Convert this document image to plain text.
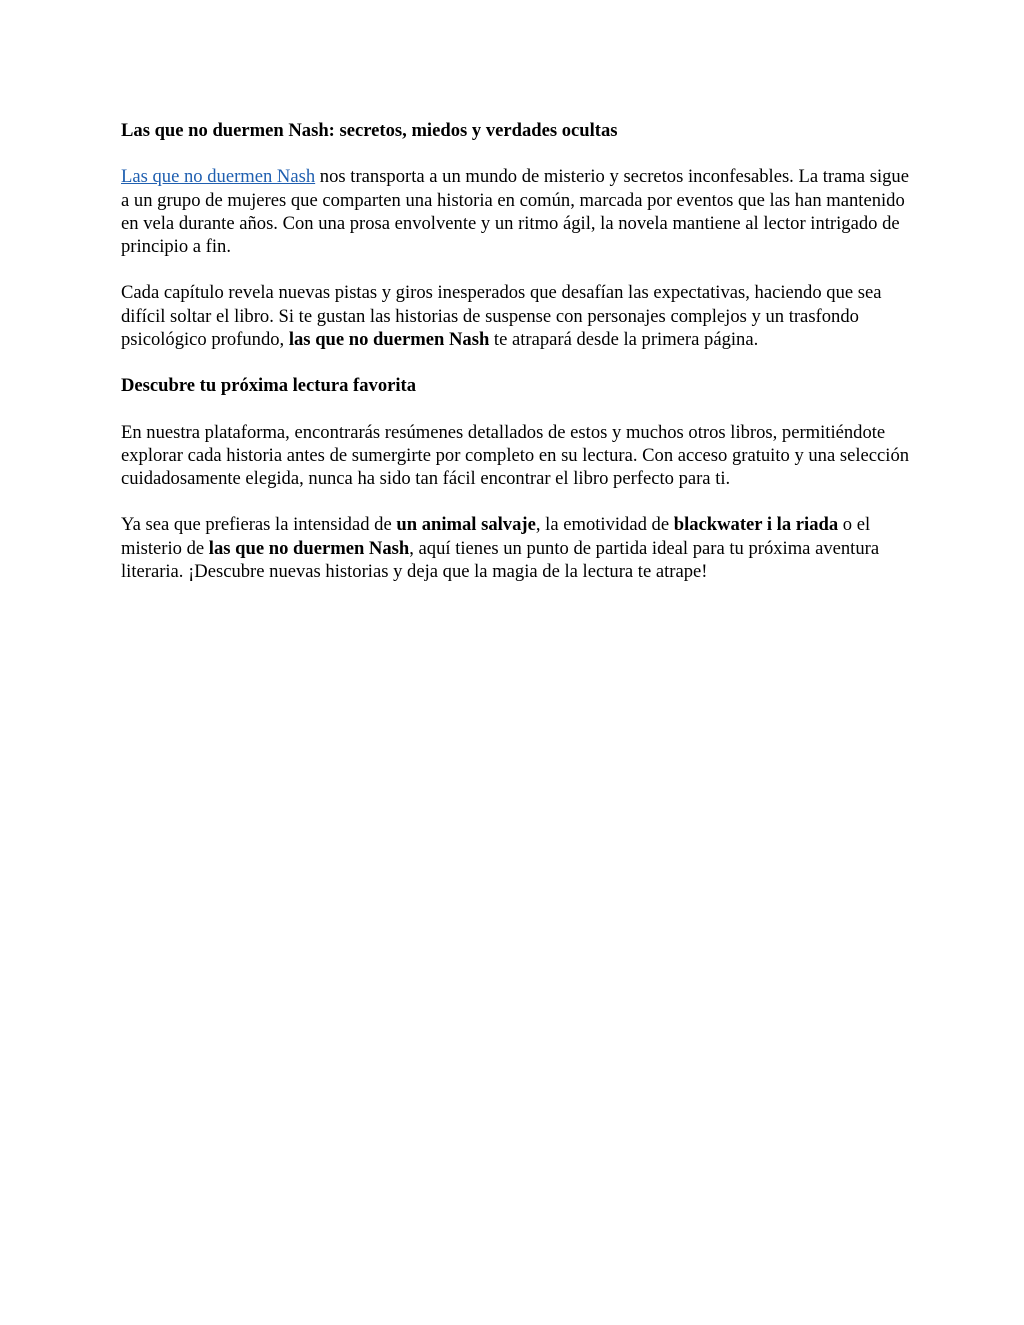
Las que no duermen Nash: secretos, miedos y verdades ocultas

Las que no duermen Nash nos transporta a un mundo de misterio y secretos inconfesables. La trama sigue a un grupo de mujeres que comparten una historia en común, marcada por eventos que las han mantenido en vela durante años. Con una prosa envolvente y un ritmo ágil, la novela mantiene al lector intrigado de principio a fin.

Cada capítulo revela nuevas pistas y giros inesperados que desafían las expectativas, haciendo que sea difícil soltar el libro. Si te gustan las historias de suspense con personajes complejos y un trasfondo psicológico profundo, las que no duermen Nash te atrapará desde la primera página.

Descubre tu próxima lectura favorita

En nuestra plataforma, encontrarás resúmenes detallados de estos y muchos otros libros, permitiéndote explorar cada historia antes de sumergirte por completo en su lectura. Con acceso gratuito y una selección cuidadosamente elegida, nunca ha sido tan fácil encontrar el libro perfecto para ti.

Ya sea que prefieras la intensidad de un animal salvaje, la emotividad de blackwater i la riada o el misterio de las que no duermen Nash, aquí tienes un punto de partida ideal para tu próxima aventura literaria. ¡Descubre nuevas historias y deja que la magia de la lectura te atrape!
